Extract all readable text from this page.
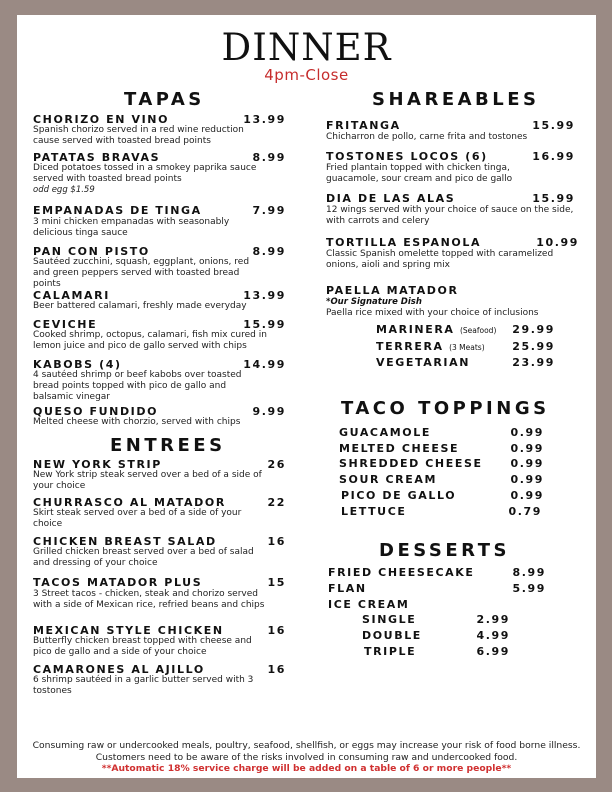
DINNER
4pm-Close
TAPAS
CHORIZO EN VINO	13.99
Spanish chorizo served in a red wine reduction cause served with toasted bread points
PATATAS BRAVAS	8.99
Diced potatoes tossed in a smokey paprika sauce served with toasted bread points
odd egg $1.59
EMPANADAS DE TINGA	7.99
3 mini chicken empanadas with seasonably delicious tinga sauce
PAN CON PISTO	8.99
Sautéed zucchini, squash, eggplant, onions, red and green peppers served with toasted bread points
CALAMARI	13.99
Beer battered calamari, freshly made everyday
CEVICHE	15.99
Cooked shrimp, octopus, calamari, fish mix cured in lemon juice and pico de gallo served with chips
KABOBS (4)	14.99
4 sautéed shrimp or beef kabobs over toasted bread points topped with pico de gallo and balsamic vinegar
QUESO FUNDIDO	9.99
Melted cheese with chorzio, served with chips
ENTREES
NEW YORK STRIP	26
New York strip steak served over a bed of a side of your choice
CHURRASCO AL MATADOR	22
Skirt steak served over a bed of a side of your choice
CHICKEN BREAST SALAD	16
Grilled chicken breast served over a bed of salad and dressing of your choice
TACOS MATADOR PLUS	15
3 Street tacos - chicken, steak and chorizo served with a side of Mexican rice, refried beans and chips
MEXICAN STYLE CHICKEN	16
Butterfly chicken breast topped with cheese and pico de gallo and a side of your choice
CAMARONES AL AJILLO	16
6 shrimp sautéed in a garlic butter served with 3 tostones
SHAREABLES
FRITANGA	15.99
Chicharron de pollo, carne frita and tostones
TOSTONES LOCOS (6)	16.99
Fried plantain topped with chicken tinga, guacamole, sour cream and pico de gallo
DIA DE LAS ALAS	15.99
12 wings served with your choice of sauce on the side, with carrots and celery
TORTILLA ESPANOLA	10.99
Classic Spanish omelette topped with caramelized onions, aioli and spring mix
PAELLA MATADOR
*Our Signature Dish
Paella rice mixed with your choice of inclusions
MARINERA (Seafood)	29.99
TERRERA (3 Meats)	25.99
VEGETARIAN	23.99
TACO TOPPINGS
GUACAMOLE	0.99
MELTED CHEESE	0.99
SHREDDED CHEESE	0.99
SOUR CREAM	0.99
PICO DE GALLO	0.99
LETTUCE	0.79
DESSERTS
FRIED CHEESECAKE	8.99
FLAN	5.99
ICE CREAM
SINGLE	2.99
DOUBLE	4.99
TRIPLE	6.99
Consuming raw or undercooked meals, poultry, seafood, shellfish, or eggs may increase your risk of food borne illness. Customers need to be aware of the risks involved in consuming raw and undercooked food.
**Automatic 18% service charge will be added on a table of 6 or more people**
